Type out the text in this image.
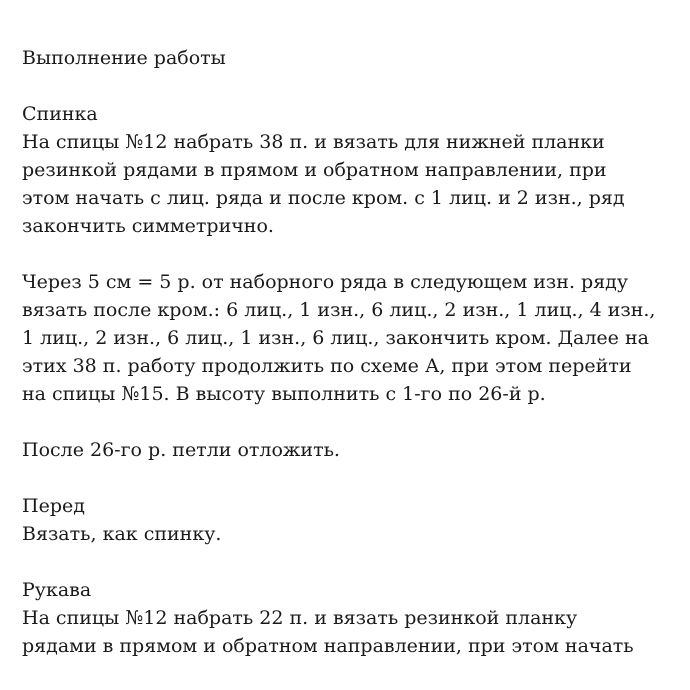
Выполнение работы
Спинка
На спицы №12 набрать 38 п. и вязать для нижней планки
резинкой рядами в прямом и обратном направлении, при
этом начать с лиц. ряда и после кром. с 1 лиц. и 2 изн., ряд
закончить симметрично.
Через 5 см = 5 р. от наборного ряда в следующем изн. ряду
вязать после кром.: 6 лиц., 1 изн., 6 лиц., 2 изн., 1 лиц., 4 изн.,
1 лиц., 2 изн., 6 лиц., 1 изн., 6 лиц., закончить кром. Далее на
этих 38 п. работу продолжить по схеме А, при этом перейти
на спицы №15. В высоту выполнить с 1-го по 26-й р.
После 26-го р. петли отложить.
Перед
Вязать, как спинку.
Рукава
На спицы №12 набрать 22 п. и вязать резинкой планку
рядами в прямом и обратном направлении, при этом начать
